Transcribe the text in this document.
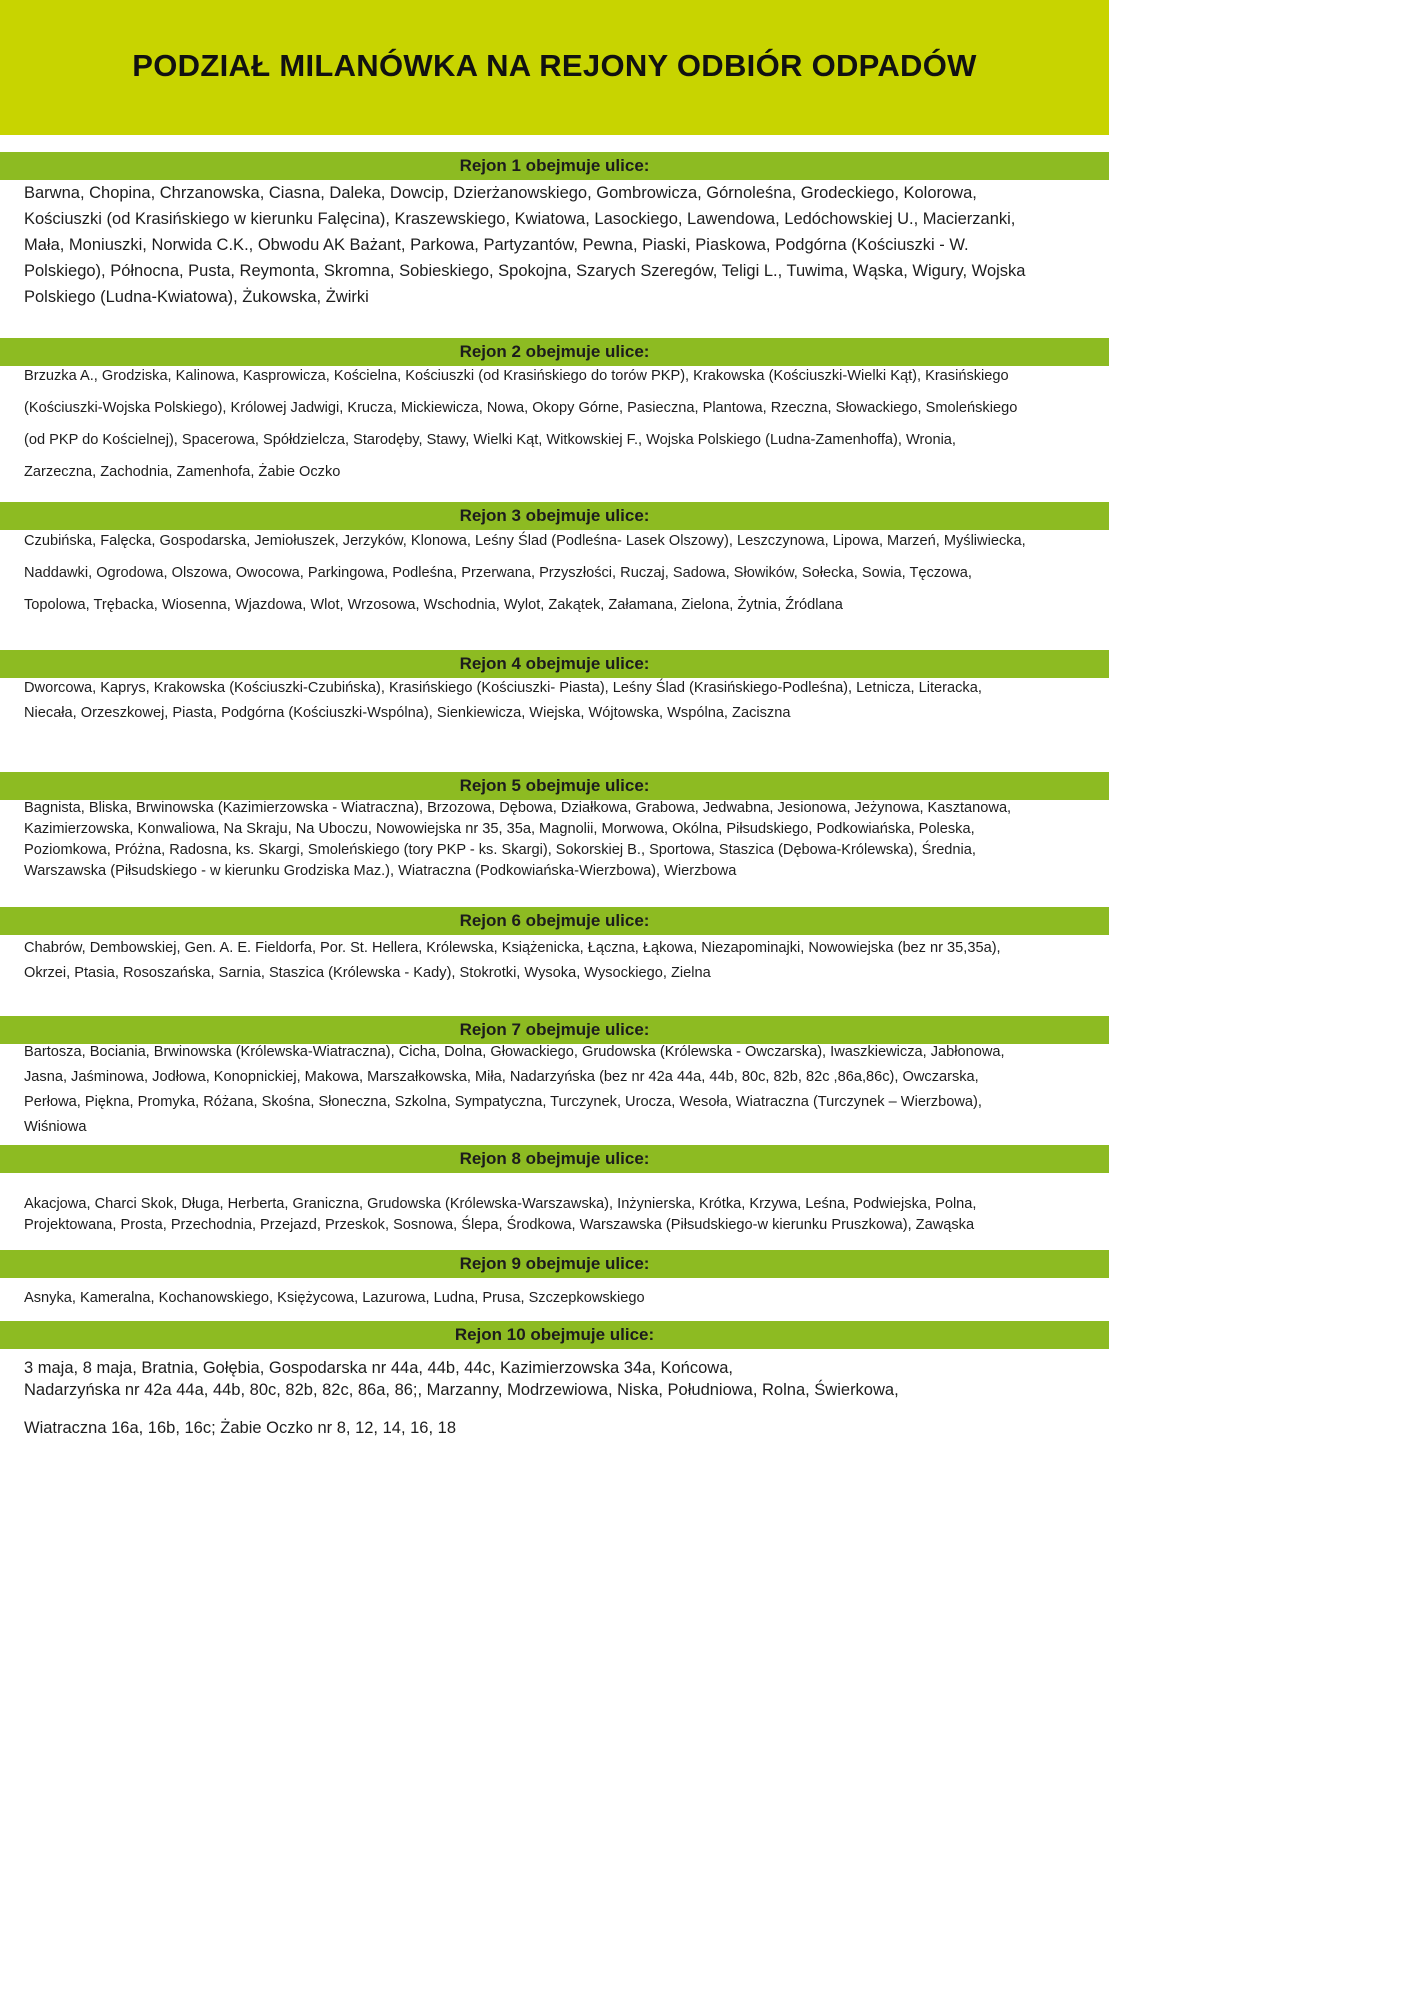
PODZIAŁ MILANÓWKA NA REJONY ODBIÓR ODPADÓW
Rejon 1 obejmuje ulice:

Barwna, Chopina, Chrzanowska, Ciasna, Daleka, Dowcip, Dzierżanowskiego, Gombrowicza, Górnoleśna, Grodeckiego, Kolorowa,
Kościuszki (od Krasińskiego w kierunku Falęcina), Kraszewskiego, Kwiatowa, Lasockiego, Lawendowa, Ledóchowskiej U., Macierzanki,
Mała, Moniuszki, Norwida C.K., Obwodu AK Bażant, Parkowa, Partyzantów, Pewna, Piaski, Piaskowa, Podgórna (Kościuszki - W.
Polskiego), Północna, Pusta, Reymonta, Skromna, Sobieskiego, Spokojna, Szarych Szeregów, Teligi L., Tuwima, Wąska, Wigury, Wojska
Polskiego (Ludna-Kwiatowa), Żukowska, Żwirki

Rejon 2 obejmuje ulice:

Brzuzka A., Grodziska, Kalinowa, Kasprowicza, Kościelna, Kościuszki (od Krasińskiego do torów PKP), Krakowska (Kościuszki-Wielki Kąt), Krasińskiego
(Kościuszki-Wojska Polskiego), Królowej Jadwigi, Krucza, Mickiewicza, Nowa, Okopy Górne, Pasieczna, Plantowa, Rzeczna, Słowackiego, Smoleńskiego
(od PKP do Kościelnej), Spacerowa, Spółdzielcza, Starodęby, Stawy, Wielki Kąt, Witkowskiej F., Wojska Polskiego (Ludna-Zamenhoffa), Wronia,
Zarzeczna, Zachodnia, Zamenhofa, Żabie Oczko

Rejon 3 obejmuje ulice:

Czubińska, Falęcka, Gospodarska, Jemiołuszek, Jerzyków, Klonowa, Leśny Ślad (Podleśna- Lasek Olszowy), Leszczynowa, Lipowa, Marzeń, Myśliwiecka,
Naddawki, Ogrodowa, Olszowa, Owocowa, Parkingowa, Podleśna, Przerwana, Przyszłości, Ruczaj, Sadowa, Słowików, Sołecka, Sowia, Tęczowa,
Topolowa, Trębacka, Wiosenna, Wjazdowa, Wlot, Wrzosowa, Wschodnia, Wylot, Zakątek, Załamana, Zielona, Żytnia, Źródlana

Rejon 4 obejmuje ulice:

Dworcowa, Kaprys, Krakowska (Kościuszki-Czubińska), Krasińskiego (Kościuszki- Piasta), Leśny Ślad (Krasińskiego-Podleśna), Letnicza, Literacka,
Niecała, Orzeszkowej, Piasta, Podgórna (Kościuszki-Wspólna), Sienkiewicza, Wiejska, Wójtowska, Wspólna, Zaciszna

Rejon 5 obejmuje ulice:

Bagnista, Bliska, Brwinowska (Kazimierzowska - Wiatraczna), Brzozowa, Dębowa, Działkowa, Grabowa, Jedwabna, Jesionowa, Jeżynowa, Kasztanowa,
Kazimierzowska, Konwaliowa, Na Skraju, Na Uboczu, Nowowiejska nr 35, 35a, Magnolii, Morwowa, Okólna, Piłsudskiego, Podkowiańska, Poleska,
Poziomkowa, Próżna, Radosna, ks. Skargi, Smoleńskiego (tory PKP - ks. Skargi), Sokorskiej B., Sportowa, Staszica (Dębowa-Królewska), Średnia,
Warszawska (Piłsudskiego - w kierunku Grodziska Maz.), Wiatraczna (Podkowiańska-Wierzbowa), Wierzbowa

Rejon 6 obejmuje ulice:

Chabrów, Dembowskiej, Gen. A. E. Fieldorfa, Por. St. Hellera, Królewska, Książenicka, Łączna, Łąkowa, Niezapominajki, Nowowiejska (bez nr 35,35a),
Okrzei, Ptasia, Rososzańska, Sarnia, Staszica (Królewska - Kady), Stokrotki, Wysoka, Wysockiego, Zielna

Rejon 7 obejmuje ulice:

Bartosza, Bociania, Brwinowska (Królewska-Wiatraczna), Cicha, Dolna, Głowackiego, Grudowska (Królewska - Owczarska), Iwaszkiewicza, Jabłonowa,
Jasna, Jaśminowa, Jodłowa, Konopnickiej, Makowa, Marszałkowska, Miła, Nadarzyńska (bez nr 42a 44a, 44b, 80c, 82b, 82c ,86a,86c), Owczarska,
Perłowa, Piękna, Promyka, Różana, Skośna, Słoneczna, Szkolna, Sympatyczna, Turczynek, Urocza, Wesoła, Wiatraczna (Turczynek – Wierzbowa),
Wiśniowa

Rejon 8 obejmuje ulice:

Akacjowa, Charci Skok, Długa, Herberta, Graniczna, Grudowska (Królewska-Warszawska), Inżynierska, Krótka, Krzywa, Leśna, Podwiejska, Polna,
Projektowana, Prosta, Przechodnia, Przejazd, Przeskok, Sosnowa, Ślepa, Środkowa, Warszawska (Piłsudskiego-w kierunku Pruszkowa), Zawąska

Rejon 9 obejmuje ulice:

Asnyka, Kameralna, Kochanowskiego, Księżycowa, Lazurowa, Ludna, Prusa, Szczepkowskiego

Rejon 10 obejmuje ulice:

3 maja, 8 maja, Bratnia, Gołębia, Gospodarska nr 44a, 44b, 44c, Kazimierzowska 34a, Końcowa,
Nadarzyńska nr 42a 44a, 44b, 80c, 82b, 82c, 86a, 86;, Marzanny, Modrzewiowa, Niska, Południowa, Rolna, Świerkowa,

Wiatraczna 16a, 16b, 16c; Żabie Oczko nr 8, 12, 14, 16, 18
